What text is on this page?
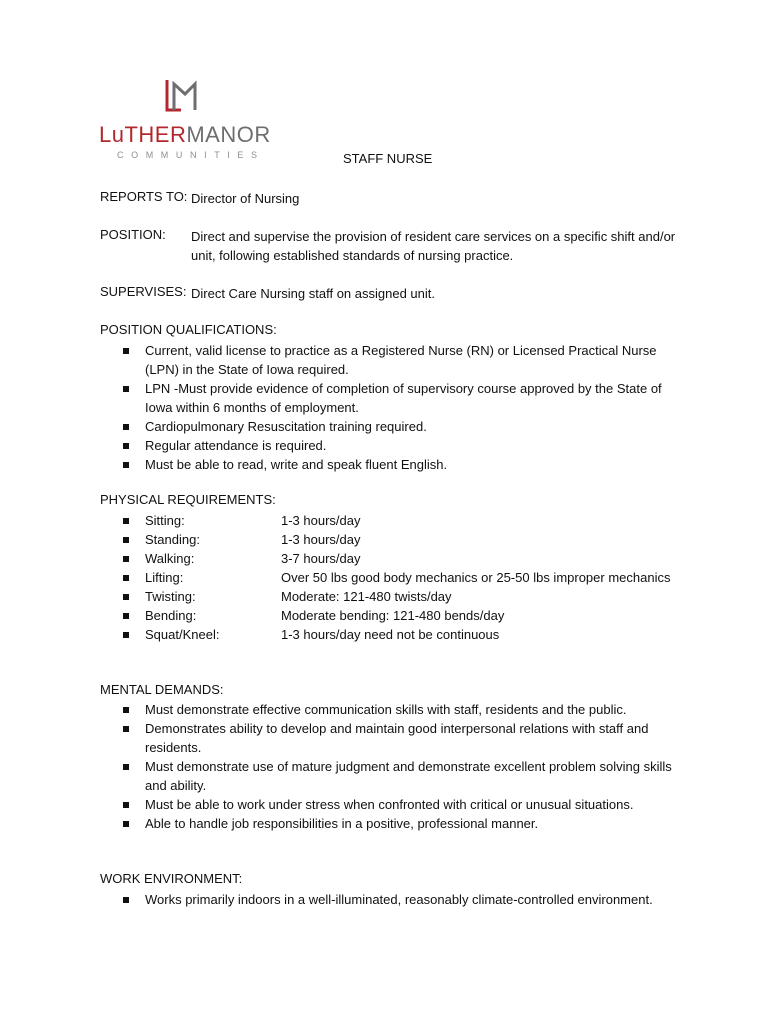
LuTHERMANOR
COMMUNITIES	STAFF NURSE
REPORTS TO: Director of Nursing
POSITION: Direct and supervise the provision of resident care services on a specific shift and/or unit, following established standards of nursing practice.
SUPERVISES: Direct Care Nursing staff on assigned unit.
POSITION QUALIFICATIONS:
Current, valid license to practice as a Registered Nurse (RN) or Licensed Practical Nurse (LPN) in the State of Iowa required.
LPN -Must provide evidence of completion of supervisory course approved by the State of Iowa within 6 months of employment.
Cardiopulmonary Resuscitation training required.
Regular attendance is required.
Must be able to read, write and speak fluent English.
PHYSICAL REQUIREMENTS:
Sitting:	1-3 hours/day
Standing:	1-3 hours/day
Walking:	3-7 hours/day
Lifting:	Over 50 lbs good body mechanics or 25-50 lbs improper mechanics
Twisting:	Moderate: 121-480 twists/day
Bending:	Moderate bending: 121-480 bends/day
Squat/Kneel:	1-3 hours/day need not be continuous
MENTAL DEMANDS:
Must demonstrate effective communication skills with staff, residents and the public.
Demonstrates ability to develop and maintain good interpersonal relations with staff and residents.
Must demonstrate use of mature judgment and demonstrate excellent problem solving skills and ability.
Must be able to work under stress when confronted with critical or unusual situations.
Able to handle job responsibilities in a positive, professional manner.
WORK ENVIRONMENT:
Works primarily indoors in a well-illuminated, reasonably climate-controlled environment.
